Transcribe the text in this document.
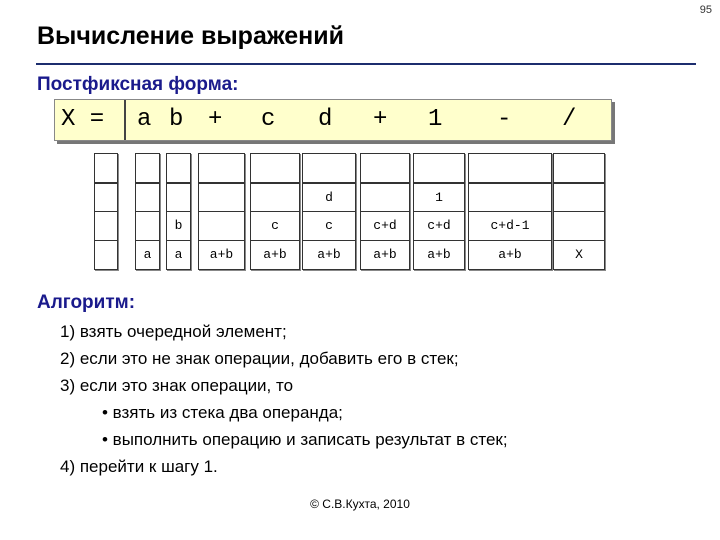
95
Вычисление выражений
Постфиксная форма:
X = a b + c d + 1 - /
a
b
a	a+b
c
a+b
d
c
a+b
c+d
a+b
1
c+d
a+b
c+d-1
a+b	X
Алгоритм:
1) взять очередной элемент;
2) если это не знак операции, добавить его в стек;
3) если это знак операции, то
• взять из стека два операнда;
• выполнить операцию и записать результат в стек;
4) перейти к шагу 1.
© С.В.Кухта, 2010
